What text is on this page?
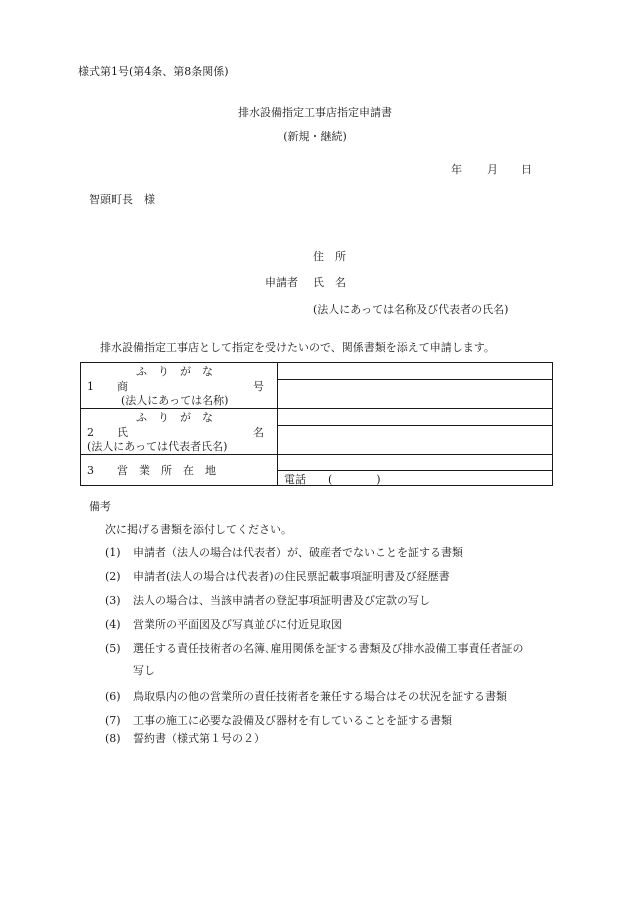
様式第1号(第4条、第8条関係)
排水設備指定工事店指定申請書
(新規・継続)
年 月 日
智頭町長　様
住　所
申請者 氏　名
(法人にあっては名称及び代表者の氏名)
排水設備指定工事店として指定を受けたいので、関係書類を添えて申請します。
ふ　り　が　な
1 商 号
(法人にあっては名称)	

ふ　り　が　な
2 氏 名
(法人にあっては代表者氏名)	

3 営　業　所　在　地	

	電話　　(　　　　)
備考
次に掲げる書類を添付してください。
(1) 申請者（法人の場合は代表者）が、破産者でないことを証する書類
(2) 申請者(法人の場合は代表者)の住民票記載事項証明書及び経歴書
(3) 法人の場合は、当該申請者の登記事項証明書及び定款の写し
(4) 営業所の平面図及び写真並びに付近見取図
(5) 選任する責任技術者の名簿､雇用関係を証する書類及び排水設備工事責任者証の
写し
(6) 鳥取県内の他の営業所の責任技術者を兼任する場合はその状況を証する書類
(7) 工事の施工に必要な設備及び器材を有していることを証する書類
(8) 誓約書（様式第１号の２）
